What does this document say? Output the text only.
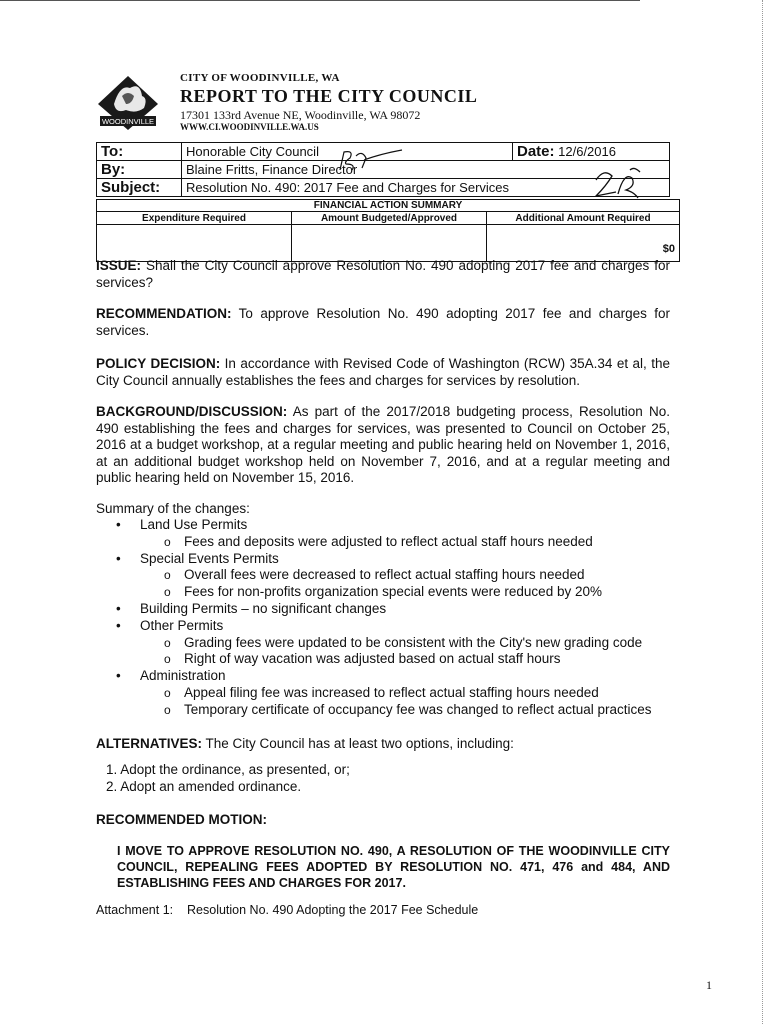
WOODINVILLE
CITY OF WOODINVILLE, WA
REPORT TO THE CITY COUNCIL
17301 133rd Avenue NE, Woodinville, WA 98072
WWW.CI.WOODINVILLE.WA.US
To:	Honorable City Council	Date: 12/6/2016
By:	Blaine Fritts, Finance Director	
Subject:	Resolution No. 490: 2017 Fee and Charges for Services	
FINANCIAL ACTION SUMMARY		
Expenditure Required	Amount Budgeted/Approved	Additional Amount Required
		$0
ISSUE: Shall the City Council approve Resolution No. 490 adopting 2017 fee and charges for services?
RECOMMENDATION: To approve Resolution No. 490 adopting 2017 fee and charges for services.
POLICY DECISION: In accordance with Revised Code of Washington (RCW) 35A.34 et al, the City Council annually establishes the fees and charges for services by resolution.
BACKGROUND/DISCUSSION: As part of the 2017/2018 budgeting process, Resolution No. 490 establishing the fees and charges for services, was presented to Council on October 25, 2016 at a budget workshop, at a regular meeting and public hearing held on November 1, 2016, at an additional budget workshop held on November 7, 2016, and at a regular meeting and public hearing held on November 15, 2016.
Summary of the changes:
• Land Use Permits
o Fees and deposits were adjusted to reflect actual staff hours needed
• Special Events Permits
o Overall fees were decreased to reflect actual staffing hours needed
o Fees for non-profits organization special events were reduced by 20%
• Building Permits – no significant changes
• Other Permits
o Grading fees were updated to be consistent with the City's new grading code
o Right of way vacation was adjusted based on actual staff hours
• Administration
o Appeal filing fee was increased to reflect actual staffing hours needed
o Temporary certificate of occupancy fee was changed to reflect actual practices
ALTERNATIVES: The City Council has at least two options, including:
1. Adopt the ordinance, as presented, or;
2. Adopt an amended ordinance.
RECOMMENDED MOTION:
I MOVE TO APPROVE RESOLUTION NO. 490, A RESOLUTION OF THE WOODINVILLE CITY COUNCIL, REPEALING FEES ADOPTED BY RESOLUTION NO. 471, 476 and 484, AND ESTABLISHING FEES AND CHARGES FOR 2017.
Attachment 1:    Resolution No. 490 Adopting the 2017 Fee Schedule
1
